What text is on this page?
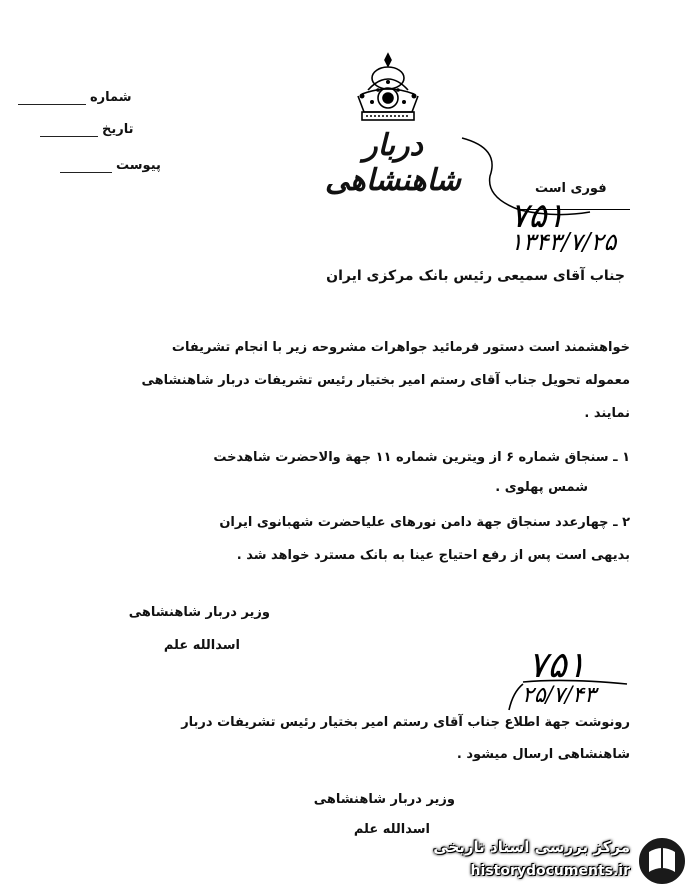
شماره
تاریخ
پیوست
دربار شاهنشاهی	فوری است
۷۵۱
۱۳۴۳/۷/۲۵
جناب آقای سمیعی رئیس بانک مرکزی ایران
خواهشمند است دستور فرمائید جواهرات مشروحه زیر با انجام تشریفات
معموله تحویل جناب آقای رستم امیر بختیار رئیس تشریفات دربار شاهنشاهی
نمایند .
۱ ـ سنجاق شماره ۶ از ویترین شماره ۱۱ جهة والاحضرت شاهدخت
شمس پهلوی .
۲ ـ چهارعدد سنجاق جهة دامن نورهای علیاحضرت شهبانوی ایران
بدیهی است پس از رفع احتیاج عینا به بانک مسترد خواهد شد .
وزیر دربار شاهنشاهی
اسدالله علم	۷۵۱
۲۵/۷/۴۳
رونوشت جهة اطلاع جناب آقای رستم امیر بختیار رئیس تشریفات دربار
شاهنشاهی ارسال میشود .
وزیر دربار شاهنشاهی
اسدالله علم
مرکز بررسی اسناد تاریخی
historydocuments.ir
